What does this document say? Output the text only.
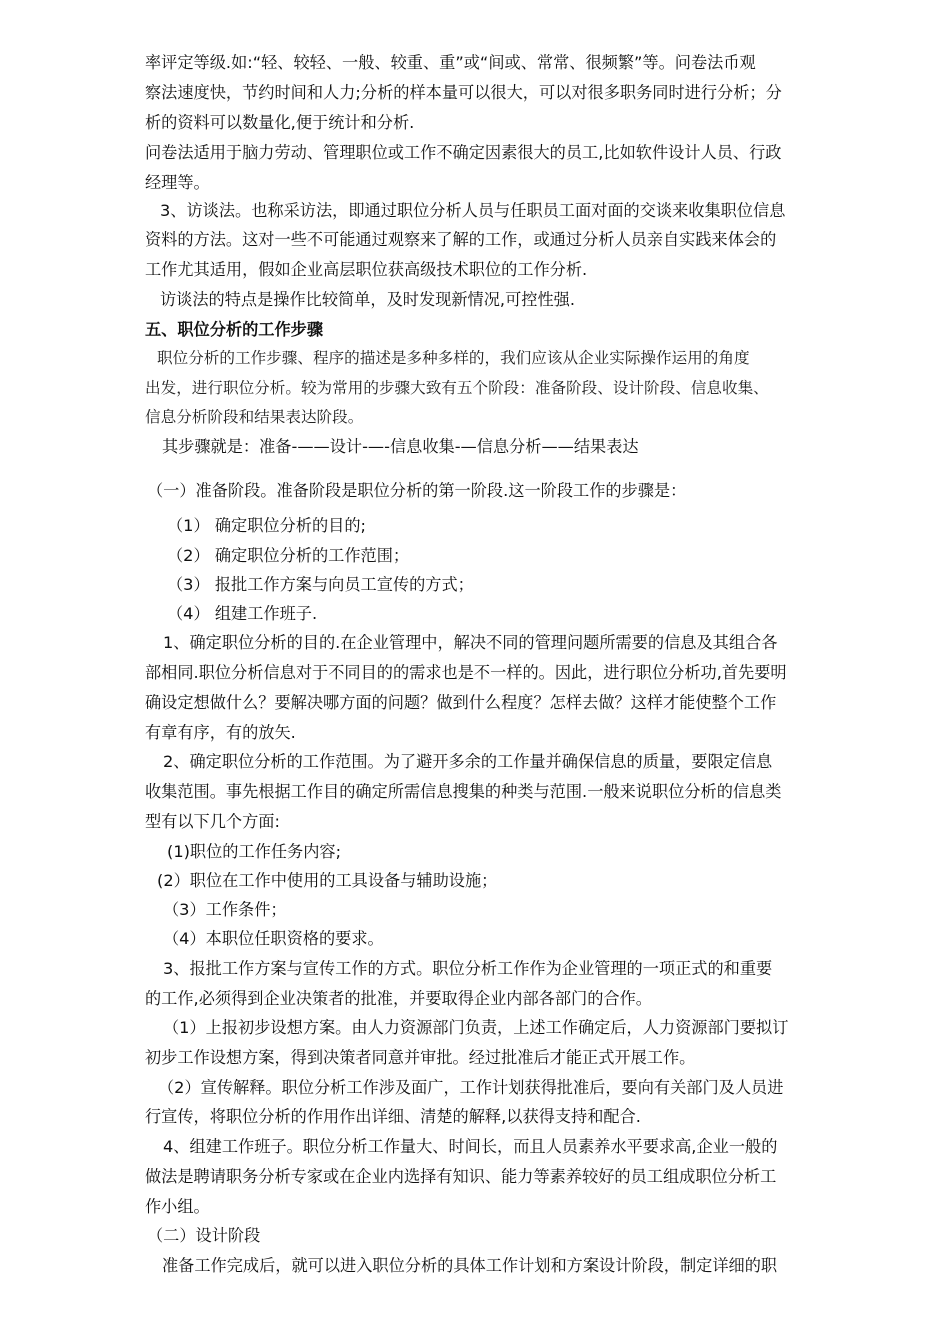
率评定等级.如:“轻、较轻、一般、较重、重”或“间或、常常、很频繁”等。问卷法币观
察法速度快，节约时间和人力;分析的样本量可以很大，可以对很多职务同时进行分析；分
析的资料可以数量化,便于统计和分析.
问卷法适用于脑力劳动、管理职位或工作不确定因素很大的员工,比如软件设计人员、行政
经理等。
3、访谈法。也称采访法，即通过职位分析人员与任职员工面对面的交谈来收集职位信息
资料的方法。这对一些不可能通过观察来了解的工作，或通过分析人员亲自实践来体会的
工作尤其适用，假如企业高层职位获高级技术职位的工作分析.
访谈法的特点是操作比较简单，及时发现新情况,可控性强.
五、职位分析的工作步骤
职位分析的工作步骤、程序的描述是多种多样的，我们应该从企业实际操作运用的角度
出发，进行职位分析。较为常用的步骤大致有五个阶段：准备阶段、设计阶段、信息收集、
信息分析阶段和结果表达阶段。
其步骤就是：准备-——设计-—-信息收集-—信息分析——结果表达
（一）准备阶段。准备阶段是职位分析的第一阶段.这一阶段工作的步骤是：
（1） 确定职位分析的目的;
（2） 确定职位分析的工作范围；
（3） 报批工作方案与向员工宣传的方式；
（4） 组建工作班子.
1、确定职位分析的目的.在企业管理中，解决不同的管理问题所需要的信息及其组合各
部相同.职位分析信息对于不同目的的需求也是不一样的。因此，进行职位分析功,首先要明
确设定想做什么？要解决哪方面的问题？做到什么程度？怎样去做？这样才能使整个工作
有章有序，有的放矢.
2、确定职位分析的工作范围。为了避开多余的工作量并确保信息的质量，要限定信息
收集范围。事先根据工作目的确定所需信息搜集的种类与范围.一般来说职位分析的信息类
型有以下几个方面:
(1)职位的工作任务内容;
(2）职位在工作中使用的工具设备与辅助设施；
（3）工作条件；
（4）本职位任职资格的要求。
3、报批工作方案与宣传工作的方式。职位分析工作作为企业管理的一项正式的和重要
的工作,必须得到企业决策者的批准，并要取得企业内部各部门的合作。
（1）上报初步设想方案。由人力资源部门负责，上述工作确定后，人力资源部门要拟订
初步工作设想方案，得到决策者同意并审批。经过批准后才能正式开展工作。
（2）宣传解释。职位分析工作涉及面广，工作计划获得批准后，要向有关部门及人员进
行宣传，将职位分析的作用作出详细、清楚的解释,以获得支持和配合.
4、组建工作班子。职位分析工作量大、时间长，而且人员素养水平要求高,企业一般的
做法是聘请职务分析专家或在企业内选择有知识、能力等素养较好的员工组成职位分析工
作小组。
（二）设计阶段
准备工作完成后，就可以进入职位分析的具体工作计划和方案设计阶段，制定详细的职
